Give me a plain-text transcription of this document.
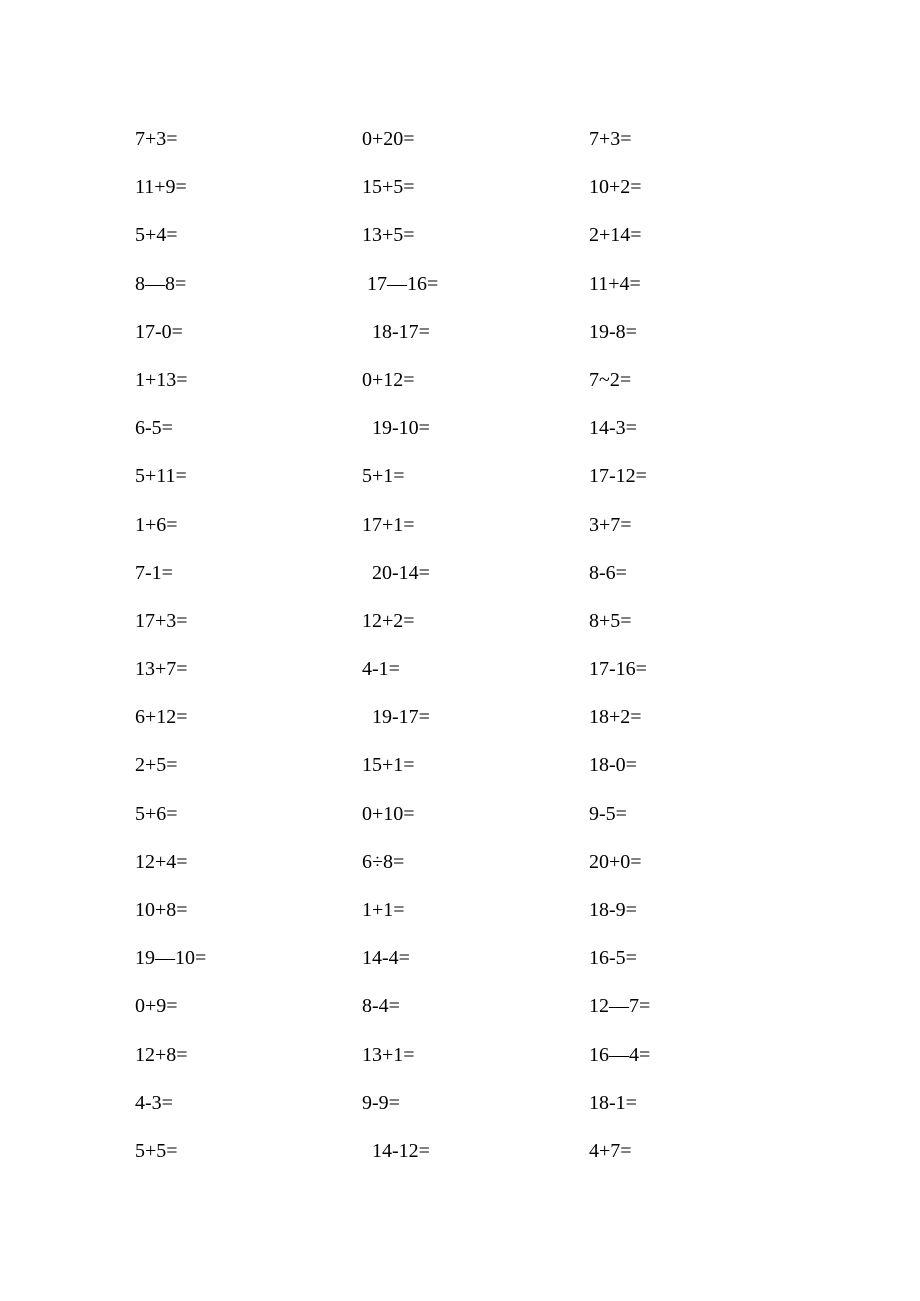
7+3=
11+9=
5+4=
8—8=
17-0=
1+13=
6-5=
5+11=
1+6=
7-1=
17+3=
13+7=
6+12=
2+5=
5+6=
12+4=
10+8=
19—10=
0+9=
12+8=
4-3=
5+5=
0+20=
15+5=
13+5=
17—16=
18-17=
0+12=
19-10=
5+1=
17+1=
20-14=
12+2=
4-1=
19-17=
15+1=
0+10=
6÷8=
1+1=
14-4=
8-4=
13+1=
9-9=
14-12=
7+3=
10+2=
2+14=
11+4=
19-8=
7~2=
14-3=
17-12=
3+7=
8-6=
8+5=
17-16=
18+2=
18-0=
9-5=
20+0=
18-9=
16-5=
12—7=
16—4=
18-1=
4+7=
